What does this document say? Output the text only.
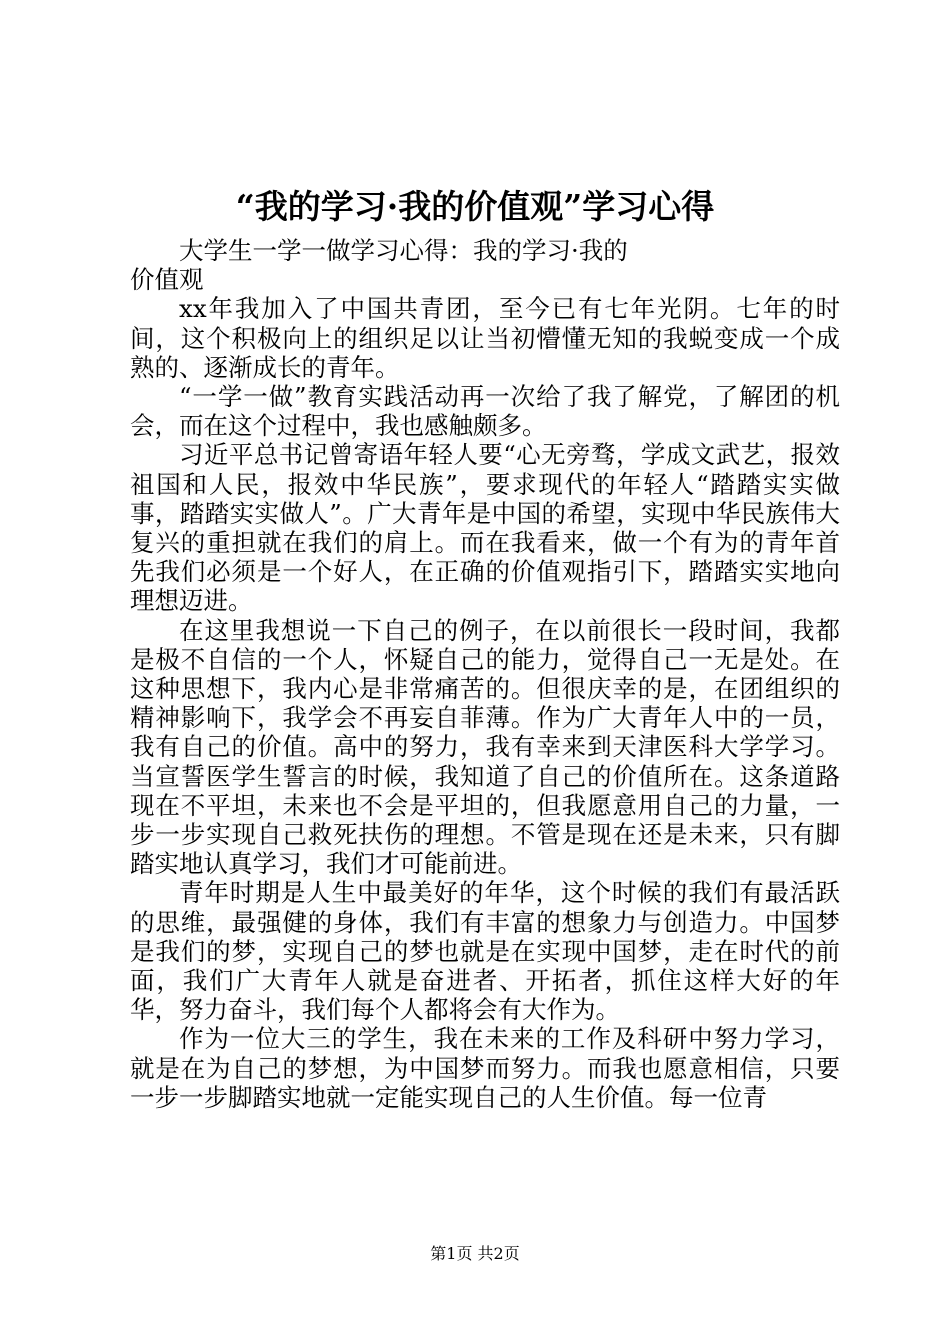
“我的学习·我的价值观”学习心得

大学生一学一做学习心得：我的学习·我的价值观

xx年我加入了中国共青团，至今已有七年光阴。七年的时间，这个积极向上的组织足以让当初懵懂无知的我蜕变成一个成熟的、逐渐成长的青年。

“一学一做”教育实践活动再一次给了我了解党，了解团的机会，而在这个过程中，我也感触颇多。

习近平总书记曾寄语年轻人要“心无旁骛，学成文武艺，报效祖国和人民，报效中华民族”，要求现代的年轻人“踏踏实实做事，踏踏实实做人”。广大青年是中国的希望，实现中华民族伟大复兴的重担就在我们的肩上。而在我看来，做一个有为的青年首先我们必须是一个好人，在正确的价值观指引下，踏踏实实地向理想迈进。

在这里我想说一下自己的例子，在以前很长一段时间，我都是极不自信的一个人，怀疑自己的能力，觉得自己一无是处。在这种思想下，我内心是非常痛苦的。但很庆幸的是，在团组织的精神影响下，我学会不再妄自菲薄。作为广大青年人中的一员，我有自己的价值。高中的努力，我有幸来到天津医科大学学习。当宣誓医学生誓言的时候，我知道了自己的价值所在。这条道路现在不平坦，未来也不会是平坦的，但我愿意用自己的力量，一步一步实现自己救死扶伤的理想。不管是现在还是未来，只有脚踏实地认真学习，我们才可能前进。

青年时期是人生中最美好的年华，这个时候的我们有最活跃的思维，最强健的身体，我们有丰富的想象力与创造力。中国梦是我们的梦，实现自己的梦也就是在实现中国梦，走在时代的前面，我们广大青年人就是奋进者、开拓者，抓住这样大好的年华，努力奋斗，我们每个人都将会有大作为。

作为一位大三的学生，我在未来的工作及科研中努力学习，就是在为自己的梦想，为中国梦而努力。而我也愿意相信，只要一步一步脚踏实地就一定能实现自己的人生价值。每一位青

第1页 共2页
